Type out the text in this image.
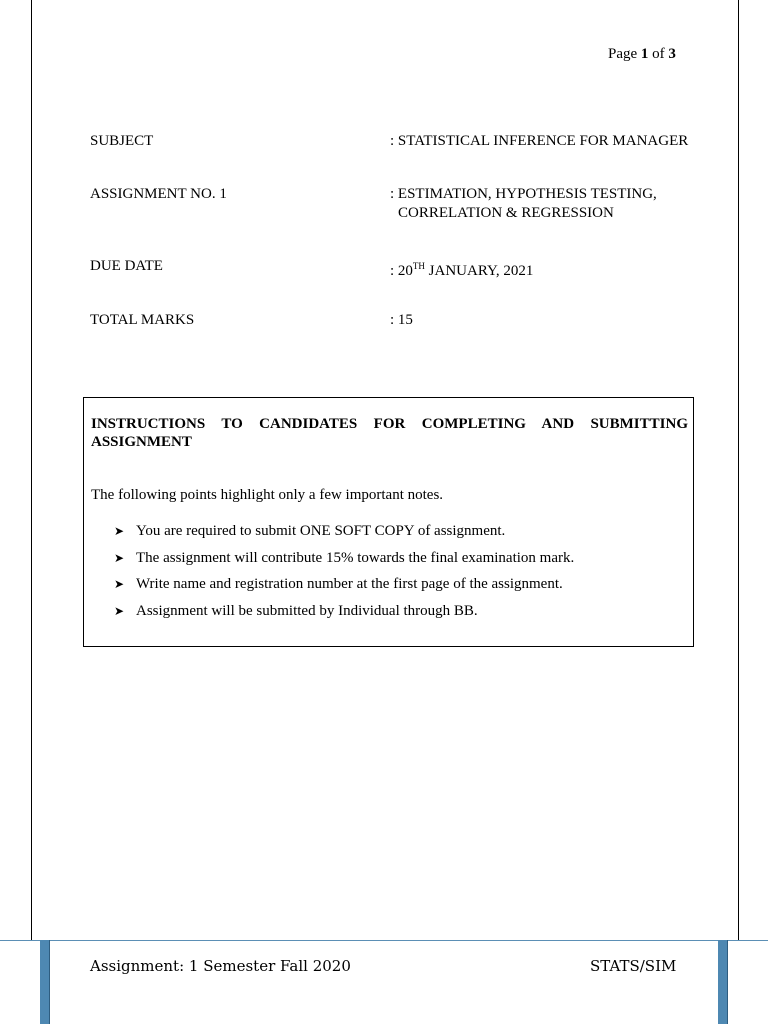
Page 1 of 3
SUBJECT	: STATISTICAL INFERENCE FOR MANAGER
ASSIGNMENT NO. 1	: ESTIMATION, HYPOTHESIS TESTING,
CORRELATION & REGRESSION
DUE DATE	: 20TH JANUARY, 2021
TOTAL MARKS	: 15
INSTRUCTIONS TO CANDIDATES FOR COMPLETING AND SUBMITTING ASSIGNMENT
The following points highlight only a few important notes.
➤ You are required to submit ONE SOFT COPY of assignment.
➤ The assignment will contribute 15% towards the final examination mark.
➤ Write name and registration number at the first page of the assignment.
➤ Assignment will be submitted by Individual through BB.
Assignment: 1 Semester Fall 2020	STATS/SIM
